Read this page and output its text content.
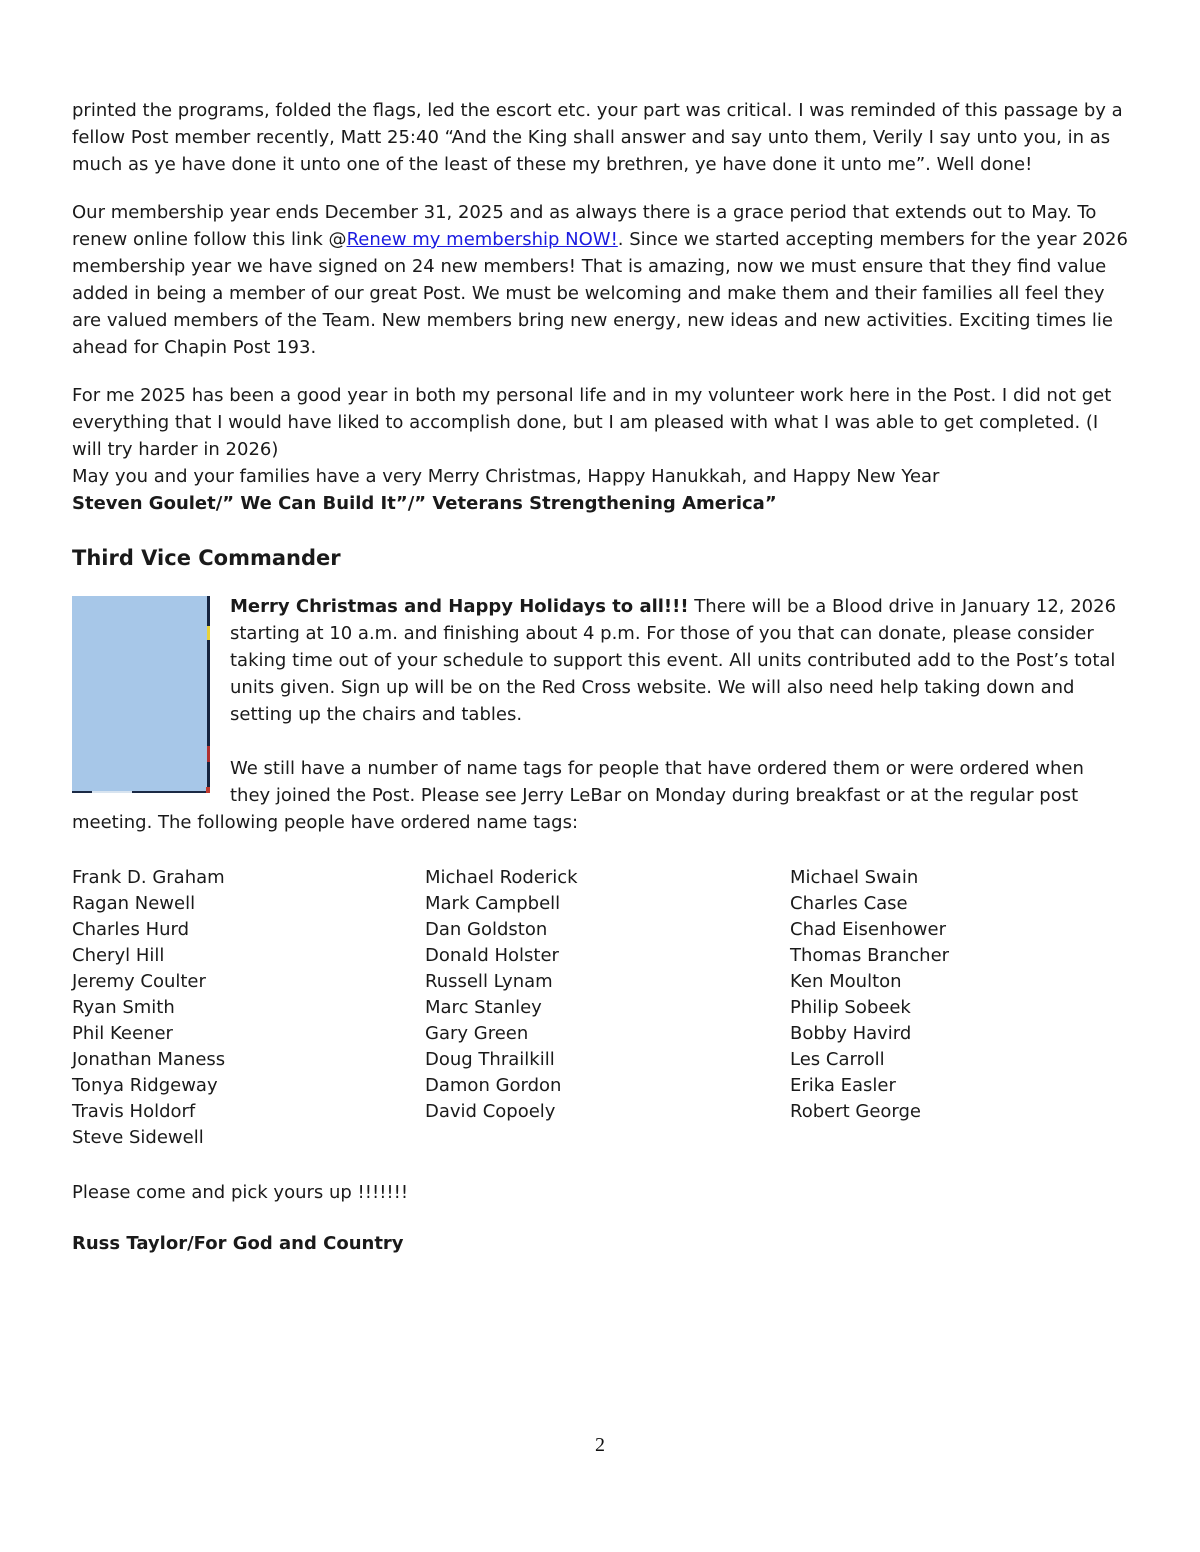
printed the programs, folded the flags, led the escort etc. your part was critical. I was reminded of this passage by a fellow Post member recently, Matt 25:40 “And the King shall answer and say unto them, Verily I say unto you, in as much as ye have done it unto one of the least of these my brethren, ye have done it unto me”. Well done!

Our membership year ends December 31, 2025 and as always there is a grace period that extends out to May. To renew online follow this link @Renew my membership NOW!. Since we started accepting members for the year 2026 membership year we have signed on 24 new members! That is amazing, now we must ensure that they find value added in being a member of our great Post. We must be welcoming and make them and their families all feel they are valued members of the Team. New members bring new energy, new ideas and new activities. Exciting times lie ahead for Chapin Post 193.

For me 2025 has been a good year in both my personal life and in my volunteer work here in the Post. I did not get everything that I would have liked to accomplish done, but I am pleased with what I was able to get completed. (I will try harder in 2026)

May you and your families have a very Merry Christmas, Happy Hanukkah, and Happy New Year

Steven Goulet/” We Can Build It”/” Veterans Strengthening America”
Third Vice Commander

Merry Christmas and Happy Holidays to all!!! There will be a Blood drive in January 12, 2026 starting at 10 a.m. and finishing about 4 p.m. For those of you that can donate, please consider taking time out of your schedule to support this event. All units contributed add to the Post’s total units given. Sign up will be on the Red Cross website. We will also need help taking down and setting up the chairs and tables.

We still have a number of name tags for people that have ordered them or were ordered when they joined the Post. Please see Jerry LeBar on Monday during breakfast or at the regular post meeting. The following people have ordered name tags:

Frank D. Graham
Ragan Newell
Charles Hurd
Cheryl Hill
Jeremy Coulter
Ryan Smith
Phil Keener
Jonathan Maness
Tonya Ridgeway
Travis Holdorf
Steve Sidewell
Michael Roderick
Mark Campbell
Dan Goldston
Donald Holster
Russell Lynam
Marc Stanley
Gary Green
Doug Thrailkill
Damon Gordon
David Copoely
Michael Swain
Charles Case
Chad Eisenhower
Thomas Brancher
Ken Moulton
Philip Sobeek
Bobby Havird
Les Carroll
Erika Easler
Robert George

Please come and pick yours up !!!!!!!

Russ Taylor/For God and Country
2
